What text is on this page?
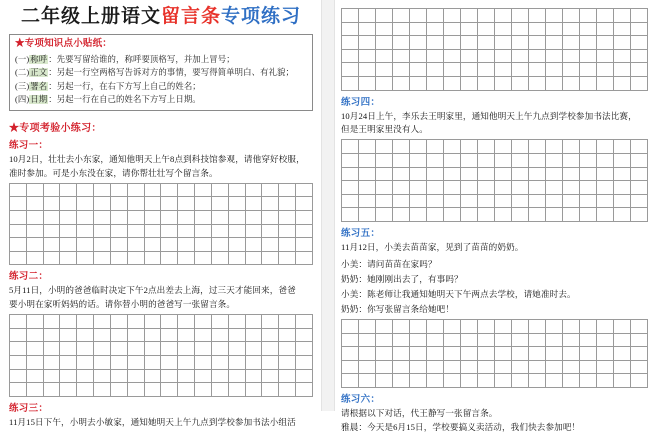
二年级上册语文留言条专项练习
★专项知识点小贴纸：
(一)称呼：先要写留给谁的，称呼要顶格写，并加上冒号；
(二)正文：另起一行空两格写告诉对方的事情，要写得简单明白、有礼貌；
(三)署名：另起一行，在右下方写上自己的姓名；
(四)日期：另起一行在自己的姓名下方写上日期。
★专项考验小练习：
练习一：

10月2日，壮壮去小东家，通知他明天上午8点到科技馆参观，请他穿好校服，

准时参加。可是小东没在家，请你帮壮壮写个留言条。

练习二：

5月11日，小明的爸爸临时决定下午2点出差去上海，过三天才能回来，爸爸

要小明在家听妈妈的话。请你替小明的爸爸写一张留言条。

练习三：

11月15日下午，小明去小敏家，通知她明天上午九点到学校参加书法小组活

练习四：

10月24日上午，李乐去王明家里，通知他明天上午九点到学校参加书法比赛，

但是王明家里没有人。

练习五：

11月12日，小美去苗苗家，见到了苗苗的奶奶。

小美：请问苗苗在家吗？

奶奶：她刚刚出去了，有事吗？

小美：陈老师让我通知她明天下午两点去学校，请她准时去。

奶奶：你写张留言条给她吧！

练习六：

请根据以下对话，代王静写一张留言条。

雅晨：今天是6月15日，学校要搞义卖活动，我们快去参加吧！
